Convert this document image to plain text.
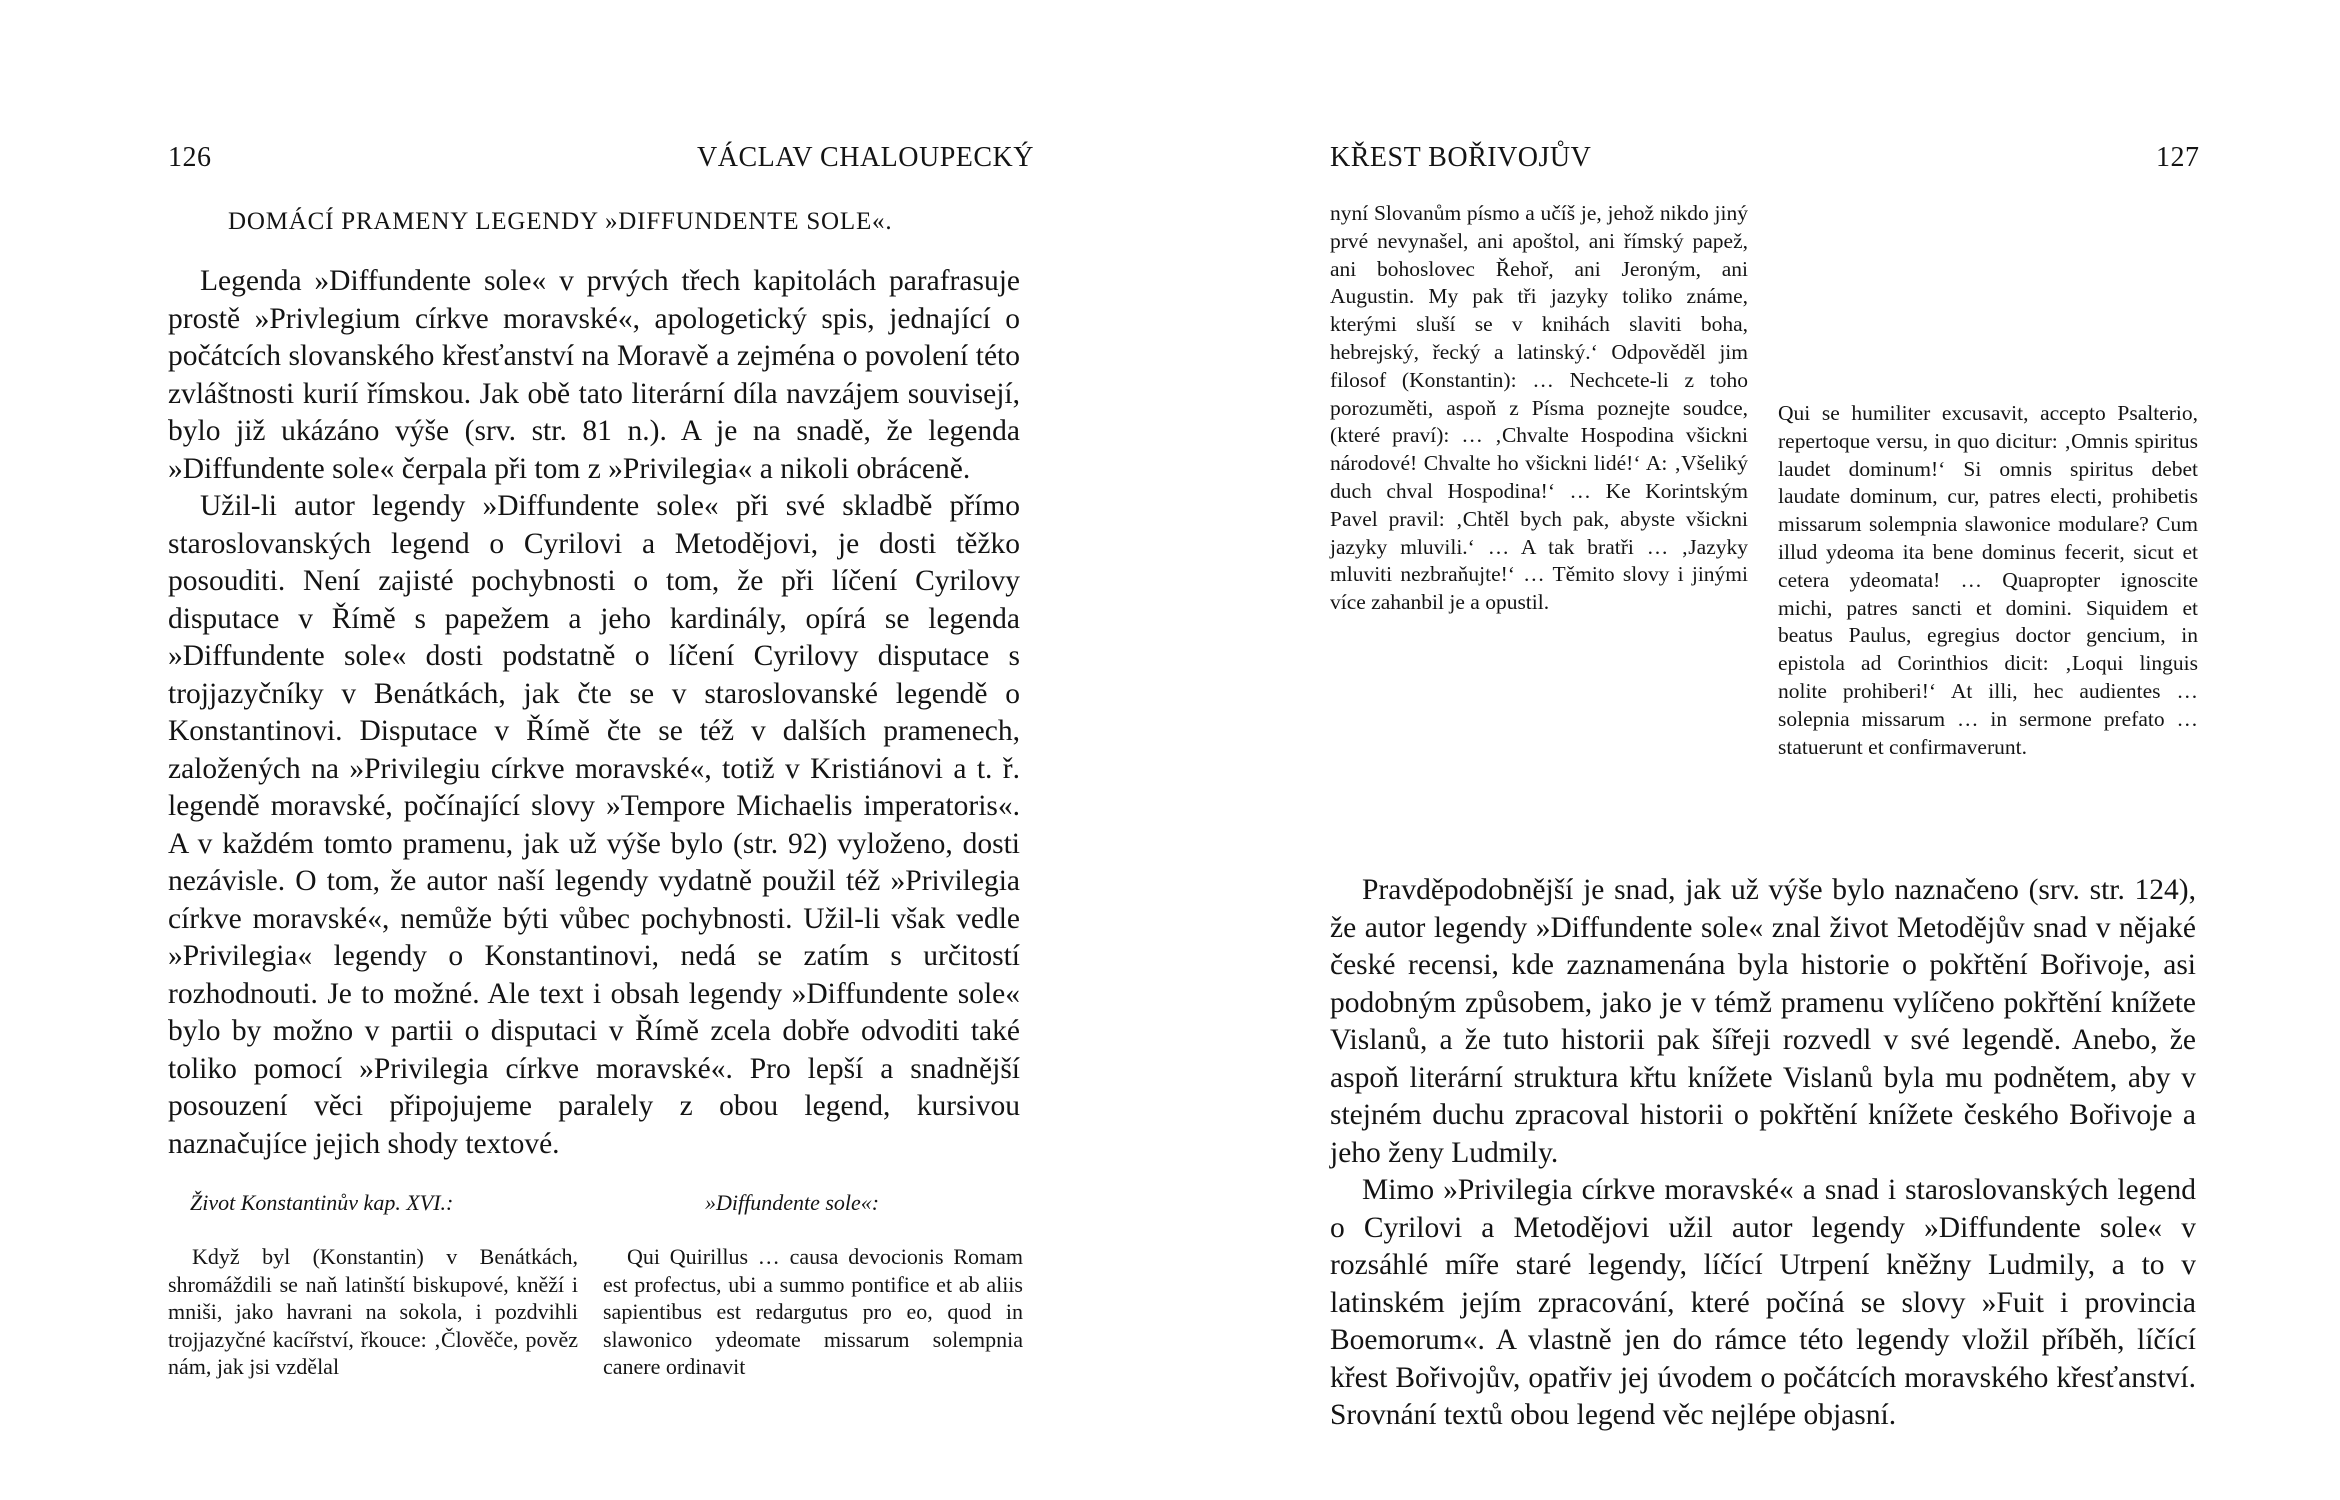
126	VÁCLAV CHALOUPECKÝ
DOMÁCÍ PRAMENY LEGENDY »DIFFUNDENTE SOLE«.

Legenda »Diffundente sole« v prvých třech kapitolách parafrasuje prostě »Privlegium církve moravské«, apologetický spis, jednající o počátcích slovanského křesťanství na Moravě a zejména o povolení této zvláštnosti kurií římskou. Jak obě tato literární díla navzájem souvisejí, bylo již ukázáno výše (srv. str. 81 n.). A je na snadě, že legenda »Diffundente sole« čerpala při tom z »Privilegia« a nikoli obráceně.

Užil-li autor legendy »Diffundente sole« při své skladbě přímo staroslovanských legend o Cyrilovi a Metodějovi, je dosti těžko posouditi. Není zajisté pochybnosti o tom, že při líčení Cyrilovy disputace v Římě s papežem a jeho kardinály, opírá se legenda »Diffundente sole« dosti podstatně o líčení Cyrilovy disputace s trojjazyčníky v Benátkách, jak čte se v staroslovanské legendě o Konstantinovi. Disputace v Římě čte se též v dalších pramenech, založených na »Privilegiu církve moravské«, totiž v Kristiánovi a t. ř. legendě moravské, počínající slovy »Tempore Michaelis imperatoris«. A v každém tomto pramenu, jak už výše bylo (str. 92) vyloženo, dosti nezávisle. O tom, že autor naší legendy vydatně použil též »Privilegia církve moravské«, nemůže býti vůbec pochybnosti. Užil-li však vedle »Privilegia« legendy o Konstantinovi, nedá se zatím s určitostí rozhodnouti. Je to možné. Ale text i obsah legendy »Diffundente sole« bylo by možno v partii o disputaci v Římě zcela dobře odvoditi také toliko pomocí »Privilegia církve moravské«. Pro lepší a snadnější posouzení věci připojujeme paralely z obou legend, kursivou naznačujíce jejich shody textové.

Život Konstantinův kap. XVI.:	»Diffundente sole«:

Když byl (Konstantin) v Benátkách, shromáždili se naň latinští biskupové, kněží i mniši, jako havrani na sokola, i pozdvihli trojjazyčné kacířství, řkouce: ‚Člověče, pověz nám, jak jsi vzdělal

Qui Quirillus … causa devocionis Romam est profectus, ubi a summo pontifice et ab aliis sapientibus est redargutus pro eo, quod in slawonico ydeomate missarum solempnia canere ordinavit

KŘEST BOŘIVOJŮV	127

nyní Slovanům písmo a učíš je, jehož nikdo jiný prvé nevynašel, ani apoštol, ani římský papež, ani bohoslovec Řehoř, ani Jeroným, ani Augustin. My pak tři jazyky toliko známe, kterými sluší se v knihách slaviti boha, hebrejský, řecký a latinský.‘ Odpověděl jim filosof (Konstantin): … Nechcete-li z toho porozuměti, aspoň z Písma poznejte soudce, (které praví): … ‚Chvalte Hospodina všickni národové! Chvalte ho všickni lidé!‘ A: ‚Všeliký duch chval Hospodina!‘ … Ke Korintským Pavel pravil: ‚Chtěl bych pak, abyste všickni jazyky mluvili.‘ … A tak bratři … ‚Jazyky mluviti nezbraňujte!‘ … Těmito slovy i jinými více zahanbil je a opustil.

Qui se humiliter excusavit, accepto Psalterio, repertoque versu, in quo dicitur: ‚Omnis spiritus laudet dominum!‘ Si omnis spiritus debet laudate dominum, cur, patres electi, prohibetis missarum solempnia slawonice modulare? Cum illud ydeoma ita bene dominus fecerit, sicut et cetera ydeomata! … Quapropter ignoscite michi, patres sancti et domini. Siquidem et beatus Paulus, egregius doctor gencium, in epistola ad Corinthios dicit: ‚Loqui linguis nolite prohiberi!‘ At illi, hec audientes … solepnia missarum … in sermone prefato … statuerunt et confirmaverunt.

Pravděpodobnější je snad, jak už výše bylo naznačeno (srv. str. 124), že autor legendy »Diffundente sole« znal život Metodějův snad v nějaké české recensi, kde zaznamenána byla historie o pokřtění Bořivoje, asi podobným způsobem, jako je v témž pramenu vylíčeno pokřtění knížete Vislanů, a že tuto historii pak šířeji rozvedl v své legendě. Anebo, že aspoň literární struktura křtu knížete Vislanů byla mu podnětem, aby v stejném duchu zpracoval historii o pokřtění knížete českého Bořivoje a jeho ženy Ludmily.

Mimo »Privilegia církve moravské« a snad i staroslovanských legend o Cyrilovi a Metodějovi užil autor legendy »Diffundente sole« v rozsáhlé míře staré legendy, líčící Utrpení kněžny Ludmily, a to v latinském jejím zpracování, které počíná se slovy »Fuit i provincia Boemorum«. A vlastně jen do rámce této legendy vložil příběh, líčící křest Bořivojův, opatřiv jej úvodem o počátcích moravského křesťanství. Srovnání textů obou legend věc nejlépe objasní.
